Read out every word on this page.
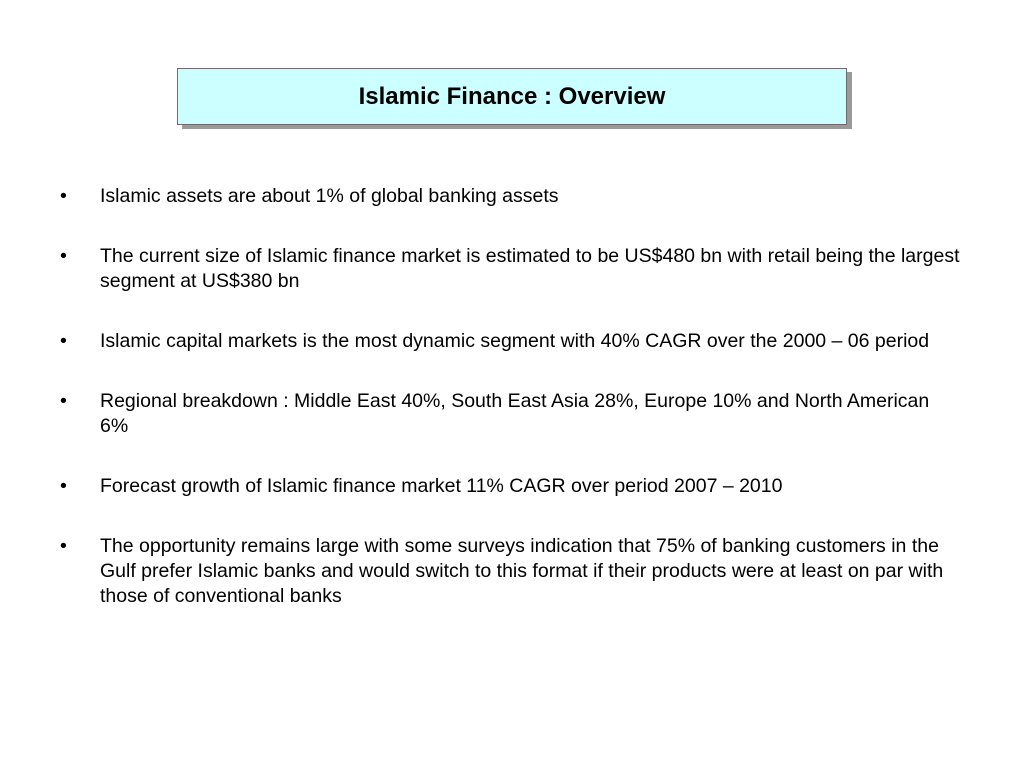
Islamic Finance : Overview
•	Islamic assets are about 1% of global banking assets
•	The current size of Islamic finance market is estimated to be US$480 bn with retail being the largest segment at US$380 bn
•	Islamic capital markets is the most dynamic segment with 40% CAGR over the 2000 – 06 period
•	Regional breakdown : Middle East 40%, South East Asia 28%, Europe 10% and North American 6%
•	Forecast growth of Islamic finance market 11% CAGR over period 2007 – 2010
•	The opportunity remains large with some surveys indication that 75% of banking customers in the Gulf prefer Islamic banks and would switch to this format if their products were at least on par with those of conventional banks
